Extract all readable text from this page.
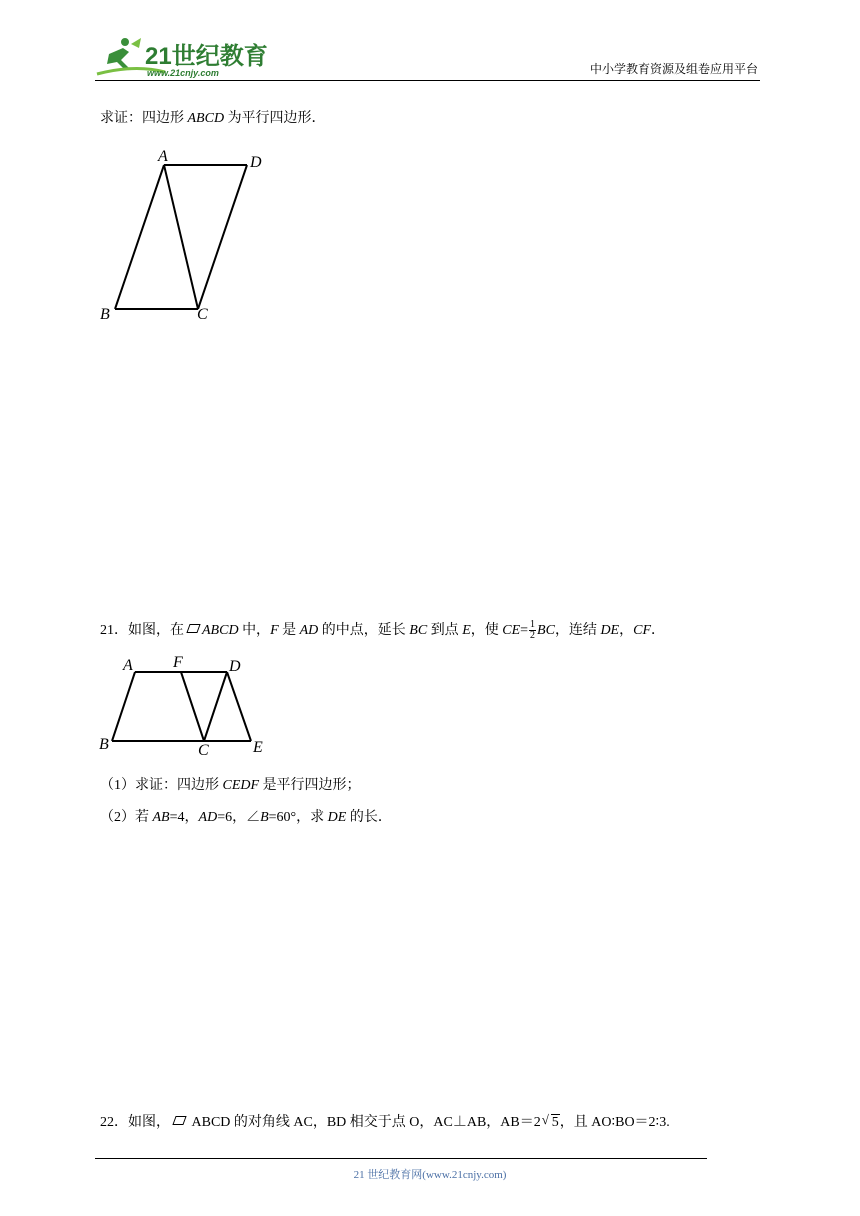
21世纪教育
www.21cnjy.com	中小学教育资源及组卷应用平台
求证：四边形 ABCD 为平行四边形．
A	D
B	C
21．如图，在 ABCD 中，F 是 AD 的中点，延长 BC 到点 E，使 $CE= \frac{1}{2}$ BC，连结 DE，CF．
A	F	D
B	C	E
（1）求证：四边形 CEDF 是平行四边形；
（2）若 AB=4，AD=6，∠B=60°，求 DE 的长．
22．如图， ABCD 的对角线 AC，BD 相交于点 O，AC⊥AB，AB＝2√ 5，且 AO∶BO＝2∶3.
21 世纪教育网(www.21cnjy.com)
